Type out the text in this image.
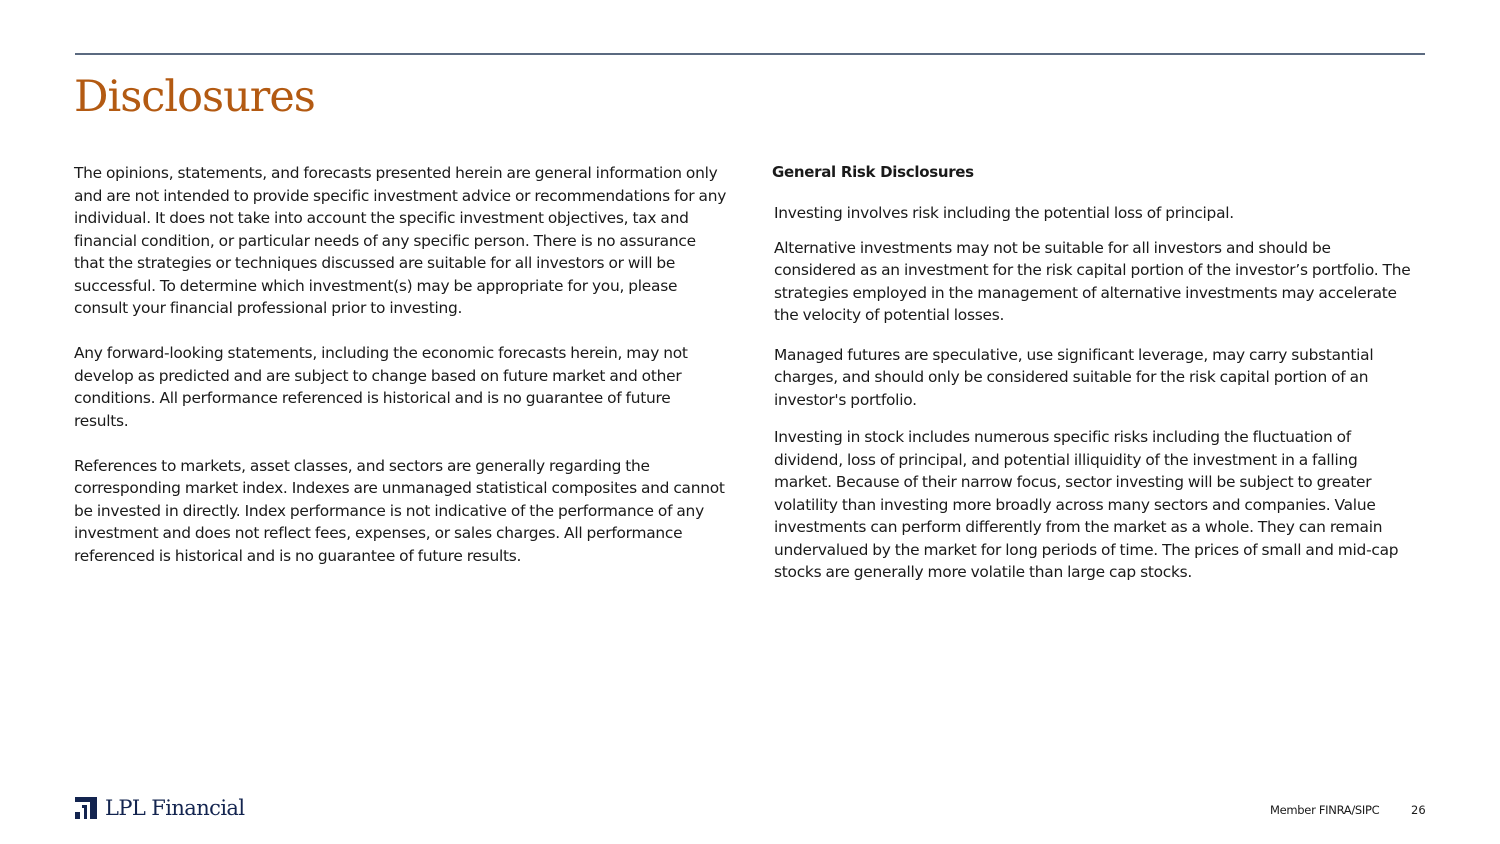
Disclosures

The opinions, statements, and forecasts presented herein are general information only and are not intended to provide specific investment advice or recommendations for any individual. It does not take into account the specific investment objectives, tax and financial condition, or particular needs of any specific person. There is no assurance that the strategies or techniques discussed are suitable for all investors or will be successful. To determine which investment(s) may be appropriate for you, please consult your financial professional prior to investing.

Any forward-looking statements, including the economic forecasts herein, may not develop as predicted and are subject to change based on future market and other conditions. All performance referenced is historical and is no guarantee of future results.

References to markets, asset classes, and sectors are generally regarding the corresponding market index. Indexes are unmanaged statistical composites and cannot be invested in directly. Index performance is not indicative of the performance of any investment and does not reflect fees, expenses, or sales charges. All performance referenced is historical and is no guarantee of future results.

General Risk Disclosures

Investing involves risk including the potential loss of principal.

Alternative investments may not be suitable for all investors and should be considered as an investment for the risk capital portion of the investor’s portfolio. The strategies employed in the management of alternative investments may accelerate the velocity of potential losses.

Managed futures are speculative, use significant leverage, may carry substantial charges, and should only be considered suitable for the risk capital portion of an investor's portfolio.

Investing in stock includes numerous specific risks including the fluctuation of dividend, loss of principal, and potential illiquidity of the investment in a falling market. Because of their narrow focus, sector investing will be subject to greater volatility than investing more broadly across many sectors and companies. Value investments can perform differently from the market as a whole. They can remain undervalued by the market for long periods of time. The prices of small and mid-cap stocks are generally more volatile than large cap stocks.

LPL Financial	Member FINRA/SIPC	26
